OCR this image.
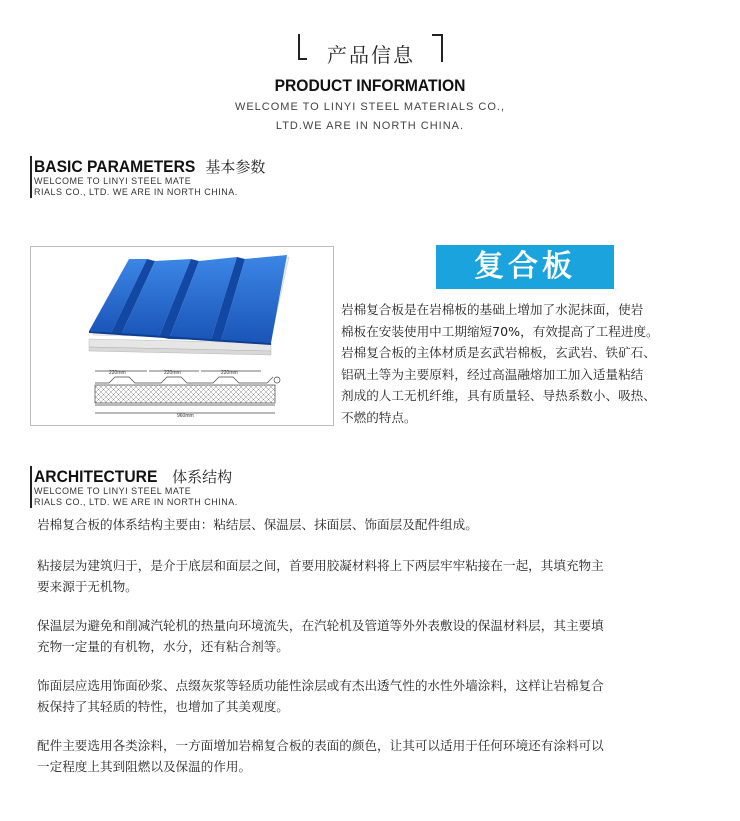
产品信息
PRODUCT INFORMATION
WELCOME TO LINYI STEEL MATERIALS CO.,
LTD.WE ARE IN NORTH CHINA.
BASIC PARAMETERS 基本参数
WELCOME TO LINYI STEEL MATE
RIALS CO., LTD. WE ARE IN NORTH CHINA.
220mm	220mm	220mm
960mm
复合板
岩棉复合板是在岩棉板的基础上增加了水泥抹面，使岩
棉板在安装使用中工期缩短70%，有效提高了工程进度。
岩棉复合板的主体材质是玄武岩棉板，玄武岩、铁矿石、
铝矾土等为主要原料，经过高温融熔加工加入适量粘结
剂成的人工无机纤维，具有质量轻、导热系数小、吸热、
不燃的特点。
ARCHITECTURE 体系结构
WELCOME TO LINYI STEEL MATE
RIALS CO., LTD. WE ARE IN NORTH CHINA.
岩棉复合板的体系结构主要由：粘结层、保温层、抹面层、饰面层及配件组成。
粘接层为建筑归于，是介于底层和面层之间，首要用胶凝材料将上下两层牢牢粘接在一起，其填充物主
要来源于无机物。
保温层为避免和削减汽轮机的热量向环境流失，在汽轮机及管道等外外表敷设的保温材料层，其主要填
充物一定量的有机物，水分，还有粘合剂等。
饰面层应选用饰面砂浆、点缀灰浆等轻质功能性涂层或有杰出透气性的水性外墙涂料，这样让岩棉复合
板保持了其轻质的特性，也增加了其美观度。
配件主要选用各类涂料，一方面增加岩棉复合板的表面的颜色，让其可以适用于任何环境还有涂料可以
一定程度上其到阻燃以及保温的作用。
